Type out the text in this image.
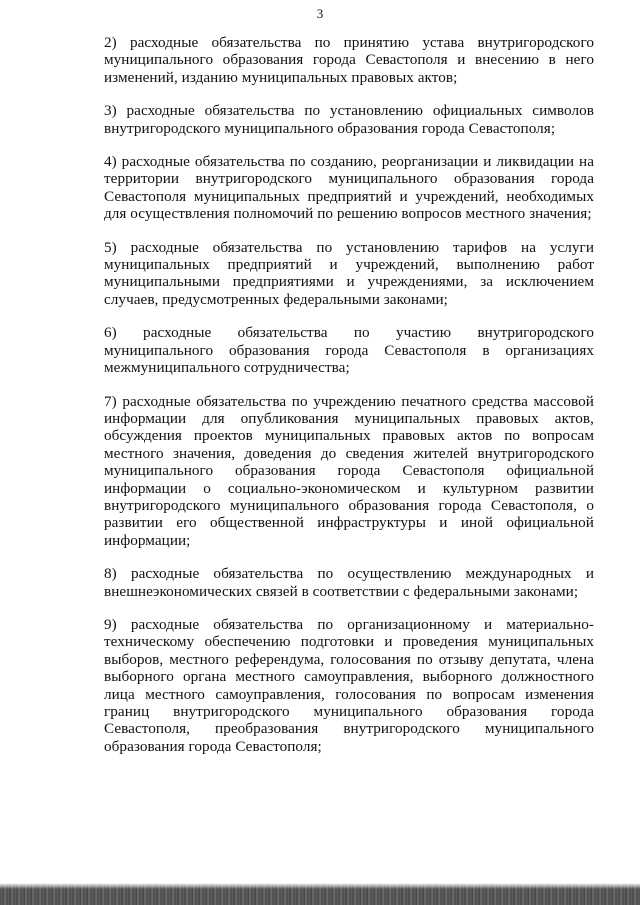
3

2) расходные обязательства по принятию устава внутригородского муниципального образования города Севастополя и внесению в него изменений, изданию муниципальных правовых актов;

3) расходные обязательства по установлению официальных символов внутригородского муниципального образования города Севастополя;

4) расходные обязательства по созданию, реорганизации и ликвидации на территории внутригородского муниципального образования города Севастополя муниципальных предприятий и учреждений, необходимых для осуществления полномочий по решению вопросов местного значения;

5) расходные обязательства по установлению тарифов на услуги муниципальных предприятий и учреждений, выполнению работ муниципальными предприятиями и учреждениями, за исключением случаев, предусмотренных федеральными законами;

6) расходные обязательства по участию внутригородского муниципального образования города Севастополя в организациях межмуниципального сотрудничества;

7) расходные обязательства по учреждению печатного средства массовой информации для опубликования муниципальных правовых актов, обсуждения проектов муниципальных правовых актов по вопросам местного значения, доведения до сведения жителей внутригородского муниципального образования города Севастополя официальной информации о социально-экономическом и культурном развитии внутригородского муниципального образования города Севастополя, о развитии его общественной инфраструктуры и иной официальной информации;

8) расходные обязательства по осуществлению международных и внешнеэкономических связей в соответствии с федеральными законами;

9) расходные обязательства по организационному и материально-техническому обеспечению подготовки и проведения муниципальных выборов, местного референдума, голосования по отзыву депутата, члена выборного органа местного самоуправления, выборного должностного лица местного самоуправления, голосования по вопросам изменения границ внутригородского муниципального образования города Севастополя, преобразования внутригородского муниципального образования города Севастополя;
